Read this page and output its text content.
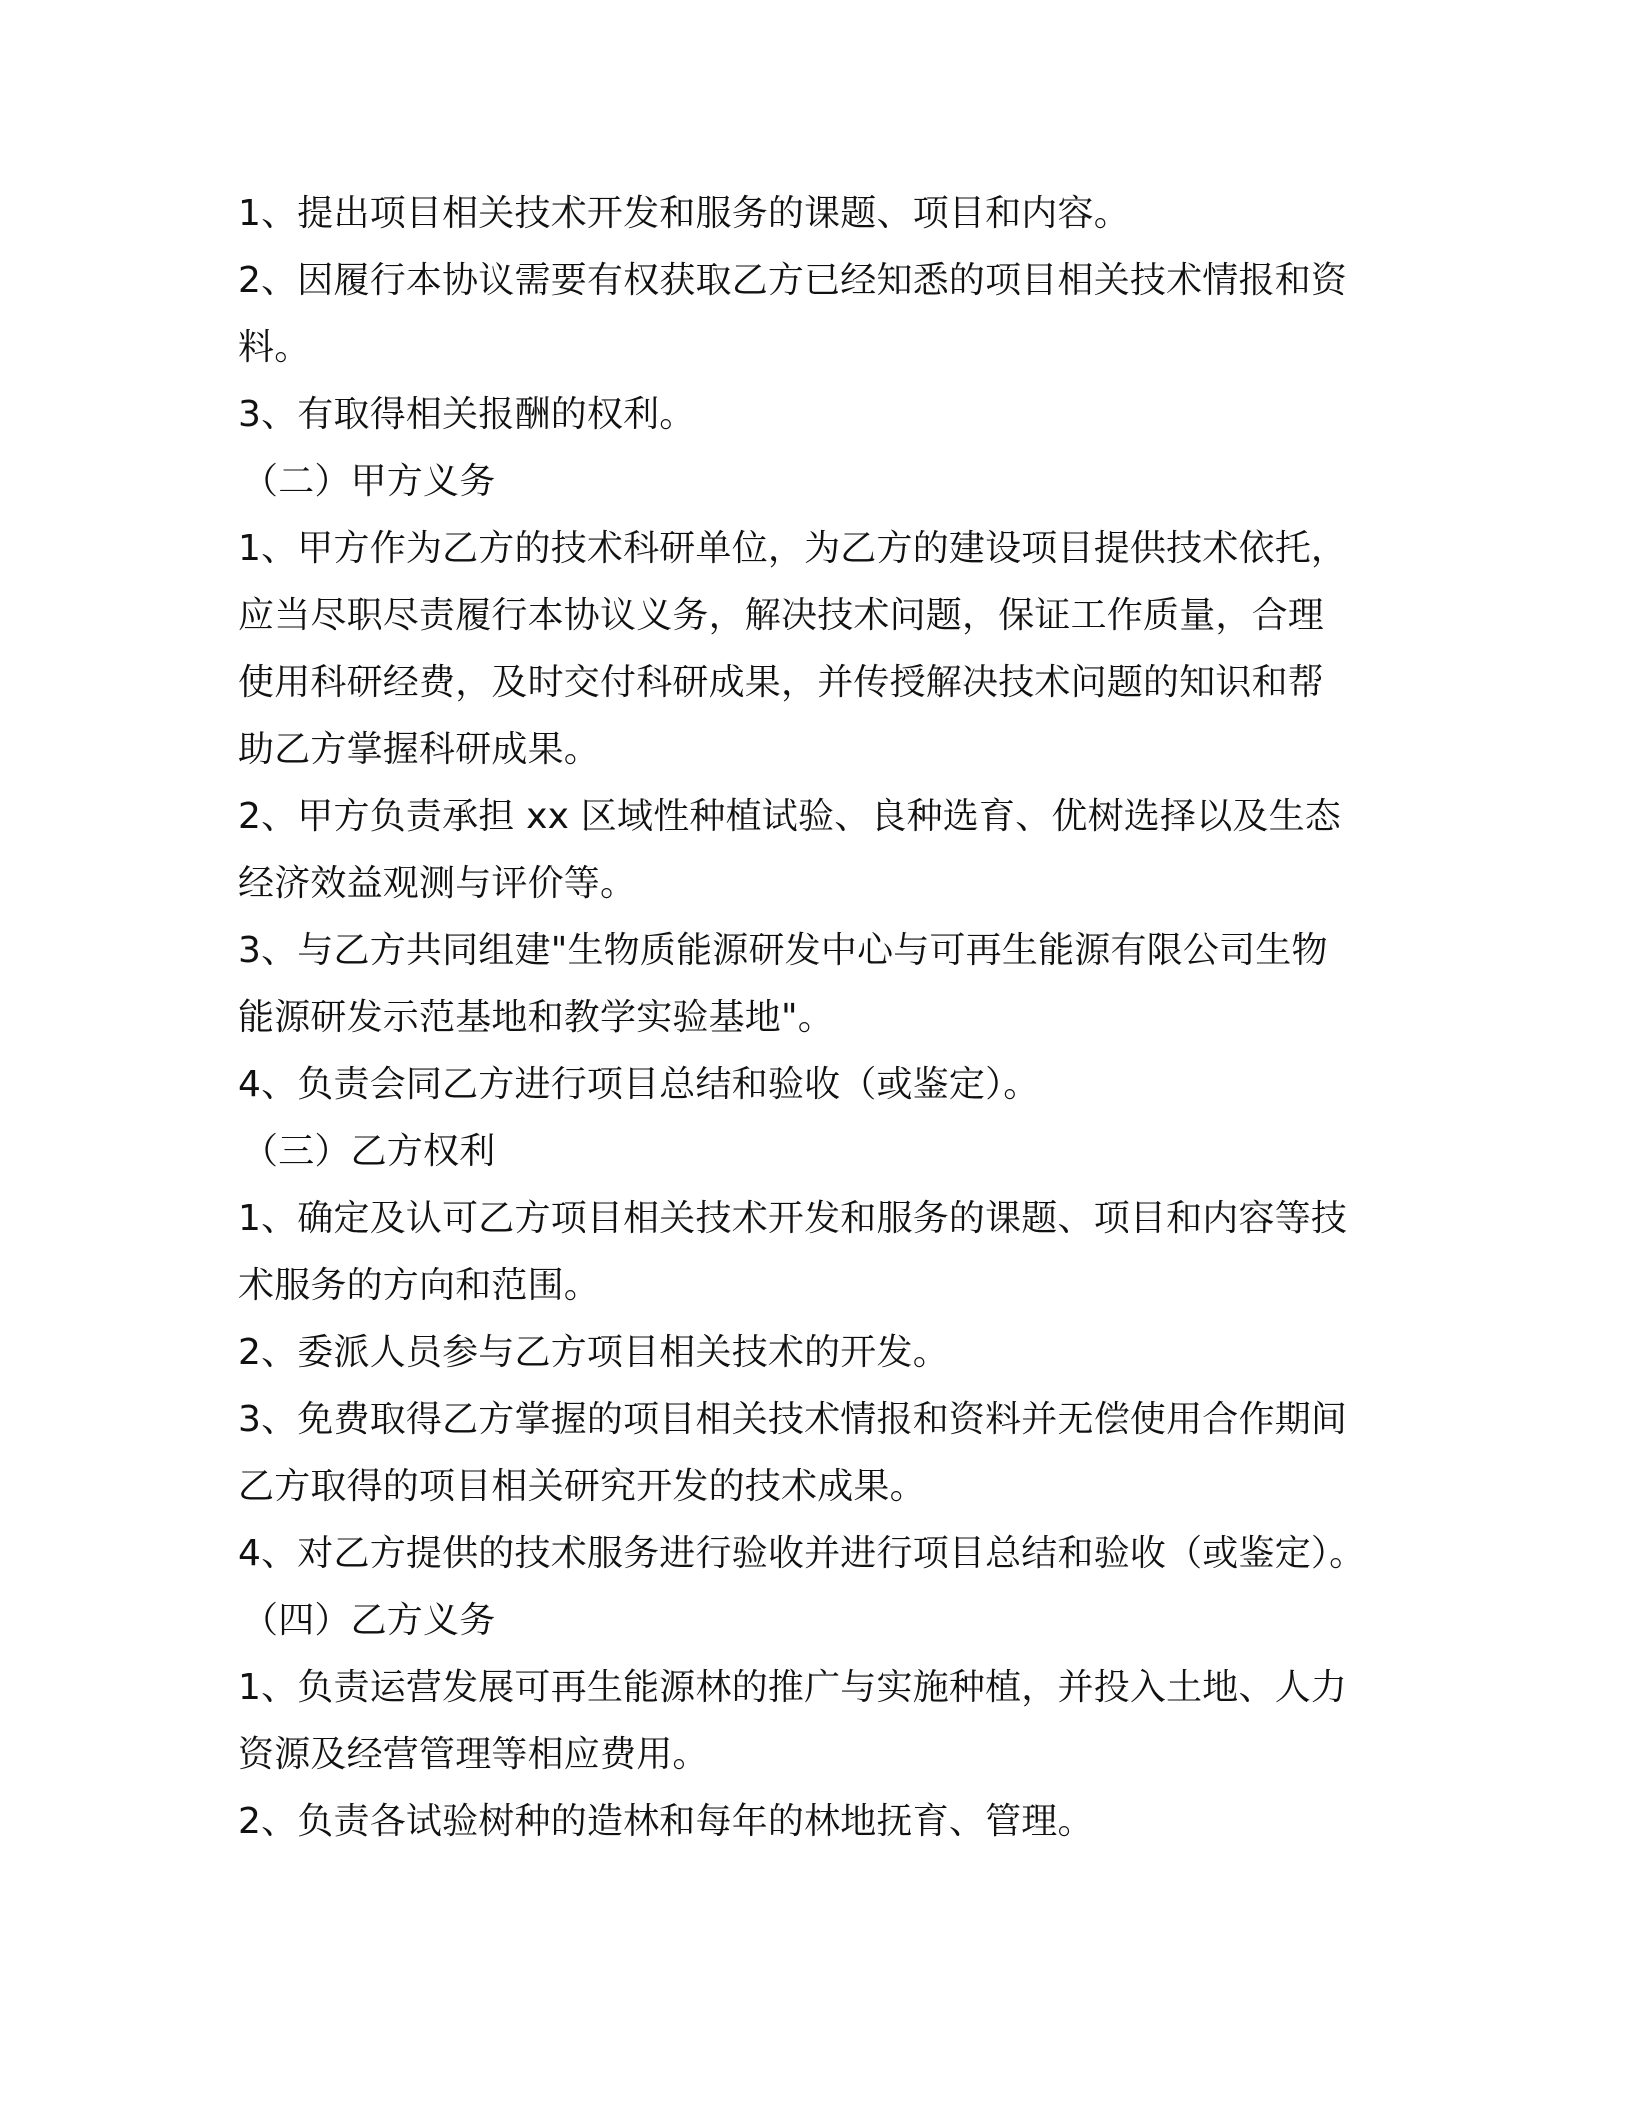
1、提出项目相关技术开发和服务的课题、项目和内容。
2、因履行本协议需要有权获取乙方已经知悉的项目相关技术情报和资
料。
3、有取得相关报酬的权利。
（二）甲方义务
1、甲方作为乙方的技术科研单位，为乙方的建设项目提供技术依托，
应当尽职尽责履行本协议义务，解决技术问题，保证工作质量，合理
使用科研经费，及时交付科研成果，并传授解决技术问题的知识和帮
助乙方掌握科研成果。
2、甲方负责承担 xx 区域性种植试验、良种选育、优树选择以及生态
经济效益观测与评价等。
3、与乙方共同组建"生物质能源研发中心与可再生能源有限公司生物
能源研发示范基地和教学实验基地"。
4、负责会同乙方进行项目总结和验收（或鉴定）。
（三）乙方权利
1、确定及认可乙方项目相关技术开发和服务的课题、项目和内容等技
术服务的方向和范围。
2、委派人员参与乙方项目相关技术的开发。
3、免费取得乙方掌握的项目相关技术情报和资料并无偿使用合作期间
乙方取得的项目相关研究开发的技术成果。
4、对乙方提供的技术服务进行验收并进行项目总结和验收（或鉴定）。
（四）乙方义务
1、负责运营发展可再生能源林的推广与实施种植，并投入土地、人力
资源及经营管理等相应费用。
2、负责各试验树种的造林和每年的林地抚育、管理。
